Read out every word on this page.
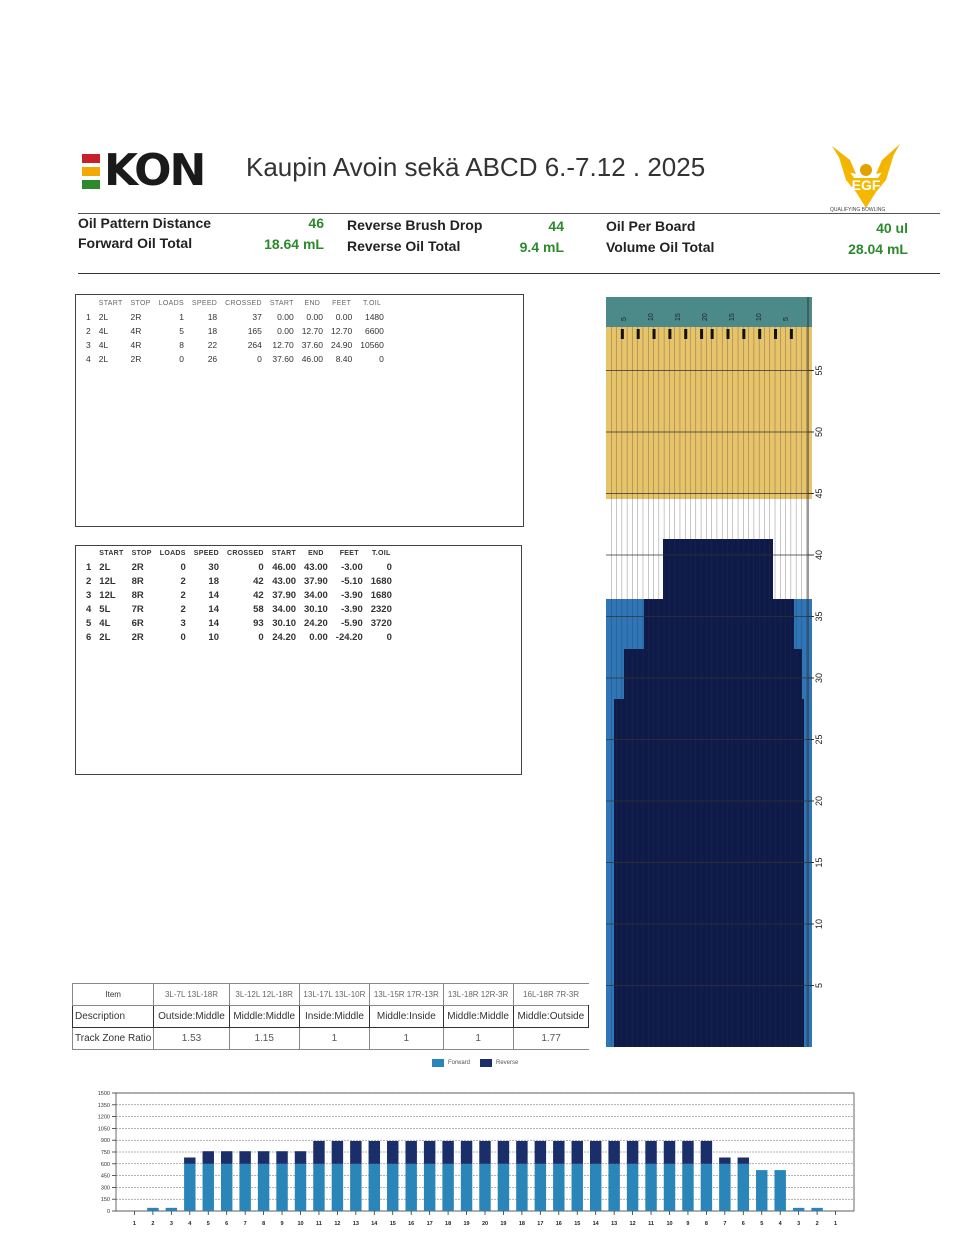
KON Kaupin Avoin sekä ABCD 6.-7.12 . 2025
EGF
QUALIFYING BOWLING
Oil Pattern Distance	46
Forward Oil Total	18.64 mL
Reverse Brush Drop	44
Reverse Oil Total	9.4 mL
Oil Per Board	40 ul
Volume Oil Total	28.04 mL
	START	STOP	LOADS	SPEED	CROSSED	START	END	FEET	T.OIL
1	2L	2R	1	18	37	0.00	0.00	0.00	1480
2	4L	4R	5	18	165	0.00	12.70	12.70	6600
3	4L	4R	8	22	264	12.70	37.60	24.90	10560
4	2L	2R	0	26	0	37.60	46.00	8.40	0
	START	STOP	LOADS	SPEED	CROSSED	START	END	FEET	T.OIL
1	2L	2R	0	30	0	46.00	43.00	-3.00	0
2	12L	8R	2	18	42	43.00	37.90	-5.10	1680
3	12L	8R	2	14	42	37.90	34.00	-3.90	1680
4	5L	7R	2	14	58	34.00	30.10	-3.90	2320
5	4L	6R	3	14	93	30.10	24.20	-5.90	3720
6	2L	2R	0	10	0	24.20	0.00	-24.20	0
Item	3L-7L 13L-18R	3L-12L 12L-18R	13L-17L 13L-10R	13L-15R 17R-13R	13L-18R 12R-3R	16L-18R 7R-3R
Description	Outside:Middle	Middle:Middle	Inside:Middle	Middle:Inside	Middle:Middle	Middle:Outside
Track Zone Ratio	1.53	1.15	1	1	1	1.77
5	10	15	20	15	10	5
55
50
45
40
35
30
25
20
15
10
5
Forward	Reverse
1500
1350
1200
1050
900
750
600
450
300
150
0
1	2	3	4	5	6	7	8	9	10 11 12 13 14 15 16 17 18 19 20 19 18 17 16 15 14 13 12 11 10	9	8	7	6	5	4	3	2	1
